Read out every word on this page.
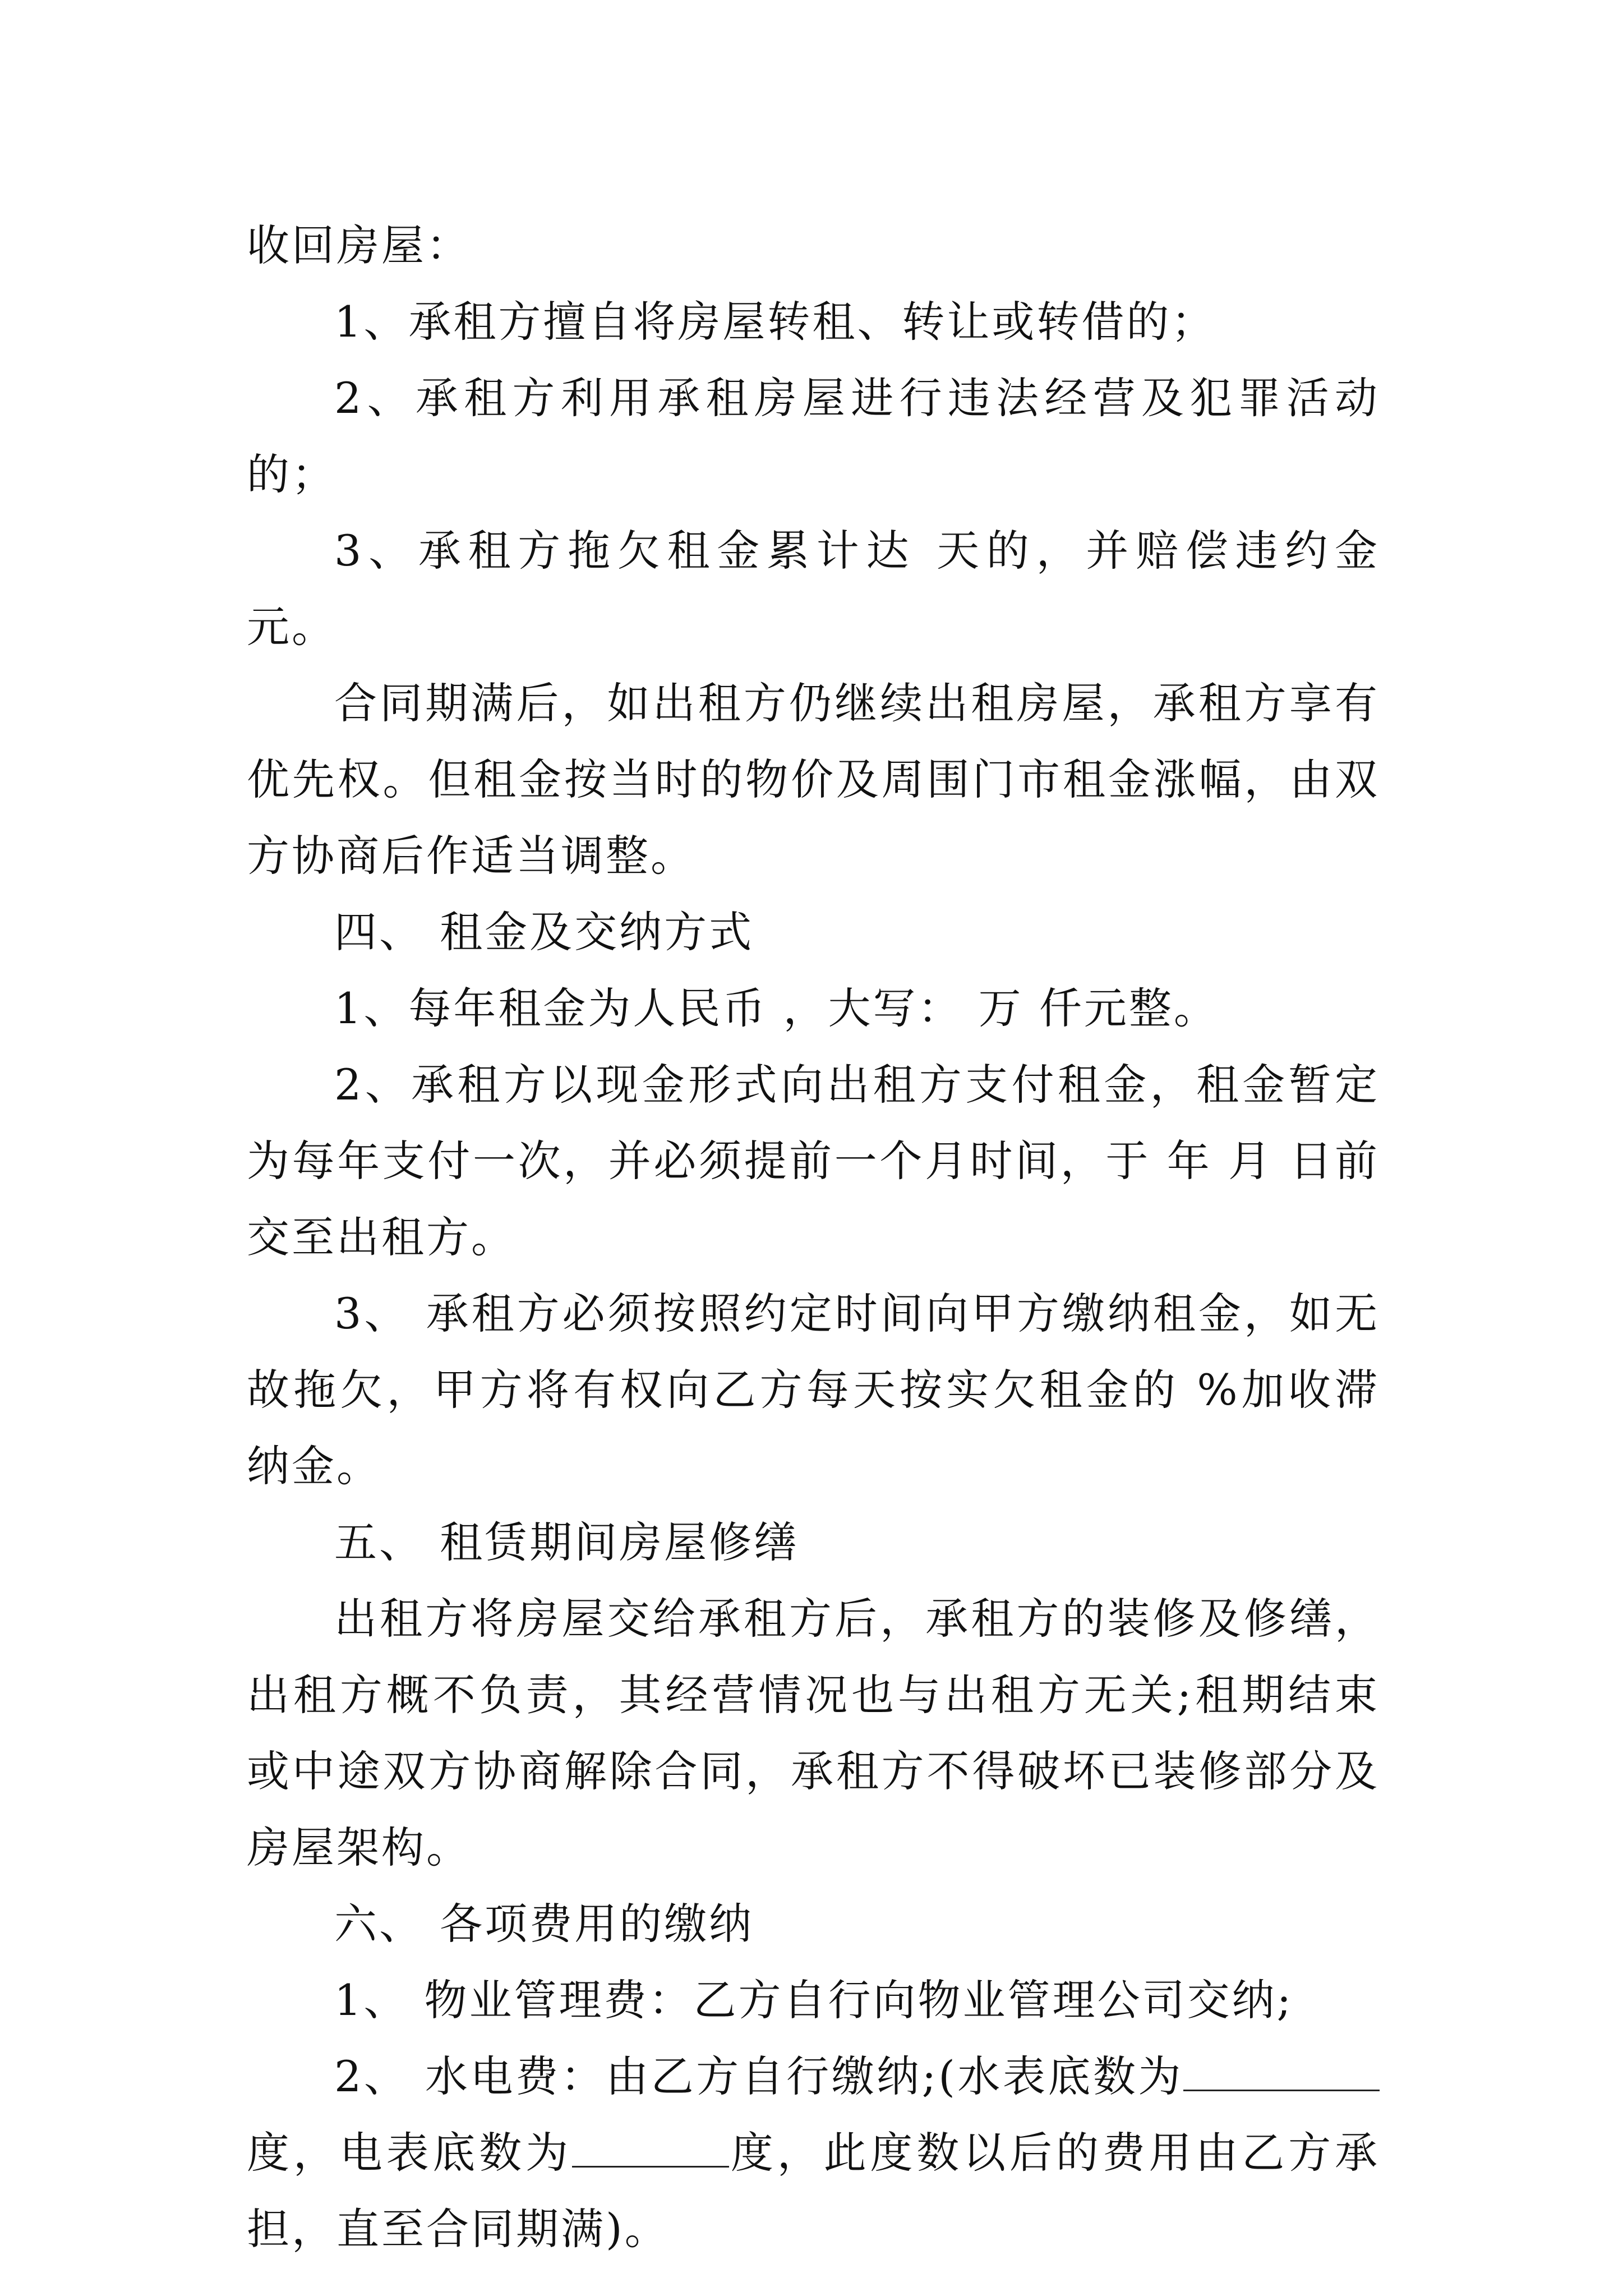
收回房屋：

1、承租方擅自将房屋转租、转让或转借的；

2、承租方利用承租房屋进行违法经营及犯罪活动的；

3、承租方拖欠租金累计达 天的，并赔偿违约金 元。

合同期满后，如出租方仍继续出租房屋，承租方享有优先权。但租金按当时的物价及周围门市租金涨幅，由双方协商后作适当调整。

四、 租金及交纳方式

1、每年租金为人民币 ，大写： 万 仟元整。

2、承租方以现金形式向出租方支付租金，租金暂定为每年支付一次，并必须提前一个月时间，于 年 月 日前交至出租方。

3、 承租方必须按照约定时间向甲方缴纳租金，如无故拖欠，甲方将有权向乙方每天按实欠租金的 %加收滞纳金。

五、 租赁期间房屋修缮

出租方将房屋交给承租方后，承租方的装修及修缮，出租方概不负责，其经营情况也与出租方无关;租期结束或中途双方协商解除合同，承租方不得破坏已装修部分及房屋架构。

六、 各项费用的缴纳

1、 物业管理费：乙方自行向物业管理公司交纳;

2、 水电费：由乙方自行缴纳;(水表底数为度，电表底数为	度，此度数以后的费用由乙方承担，直至合同期满)。
